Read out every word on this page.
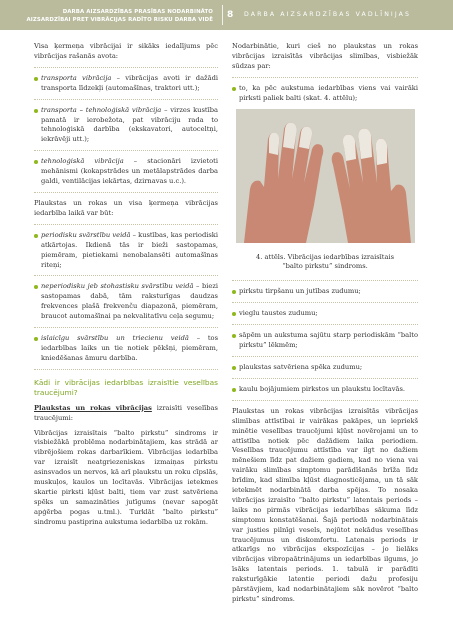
DARBA AIZSARDZĪBAS PRASĪBAS NODARBINĀTO
AIZSARDZĪBAI PRET VIBRĀCIJAS RADĪTO RISKU DARBA VIDĒ 8 DARBA AIZSARDZĪBAS VADLĪNIJAS

Visa ķermeņa vibrācijai ir sikāks iedalījums pēc vibrācijas rašanās avota:

transporta vibrācija – vibrācijas avoti ir dažādi transporta līdzekļi (automašīnas, traktori utt.);
transporta – tehnoloģiskā vibrācija – virzes kustība pamatā ir ierobežota, pat vibrāciju rada to tehnoloģiskā darbība (ekskavatori, autoceltņi, iekrāvēji utt.);
tehnoloģiskā vibrācija – stacionāri izvietoti mehānismi (kokapstrādes un metālapstrādes darba galdi, ventilācijas iekārtas, dzirnavas u.c.).

Plaukstas un rokas un visa ķermeņa vibrācijas iedarbība laikā var būt:

periodisku svārstību veidā – kustības, kas periodiski atkārtojas. Ikdienā tās ir bieži sastopamas, piemēram, pietiekami nenobalansēti automašīnas riteņi;
neperiodisku jeb stohastisku svārstību veidā – biezi sastopamas dabā, tām raksturīgas daudzas frekvences plašā frekvenču diapazonā, piemēram, braucot automašīnai pa nekvalitatīvu ceļa segumu;
islaicīgu svārstību un triecienu veidā – tos iedarbības laiks un tie notiek pēkšņi, piemēram, kniedēšanas āmuru darbība.
Kādi ir vibrācijas iedarbības izraisītie veselības traucējumi?

Plaukstas un rokas vibrācijas izraisīti veselības traucējumi:

Vibrācijas izraisītais “balto pirkstu” sindroms ir visbiežākā problēma nodarbinātajiem, kas strādā ar vibrējošiem rokas darbarīkiem. Vibrācijas iedarbība var izraisīt neatgriezeniskas izmaiņas pirkstu asinsvados un nervos, kā arī plaukstu un roku cīpslās, muskuļos, kaulos un locītavās. Vibrācijas ietekmes skartie pirksti kļūst balti, tiem var zust satvēriena spēks un samazināties jutīgums (nevar sapogāt apģērba pogas u.tml.). Turklāt “balto pirkstu” sindromu pastiprina aukstuma iedarbība uz rokām.

Nodarbinātie, kuri cieš no plaukstas un rokas vibrācijas izraisītās vibrācijas slimības, visbiežāk sūdzas par:

to, ka pēc aukstuma iedarbības viens vai vairāki pirksti paliek balti (skat. 4. attēlu);
4. attēls. Vibrācijas iedarbības izraisītais
“balto pirkstu” sindroms.
pirkstu tirpšanu un jutības zudumu;
vieglu taustes zudumu;
sāpēm un aukstuma sajūtu starp periodiskām “balto pirkstu” lēkmēm;
plaukstas satvēriena spēka zudumu;
kaulu bojājumiem pirkstos un plaukstu locītavās.

Plaukstas un rokas vibrācijas izraisītās vibrācijas slimības attīstībai ir vairākas pakāpes, un iepriekš minētie veselības traucējumi kļūst novērojami un to attīstība notiek pēc dažādiem laika periodiem. Veselības traucējumu attīstība var ilgt no dažiem mēnešiem līdz pat dažiem gadiem, kad no viena vai vairāku slimības simptomu parādīšanās brīža līdz brīdim, kad slimība kļūst diagnosticējama, un tā sāk ietekmēt nodarbinātā darba spējas. To nosaka vibrācijas izraisīto “balto pirkstu” latentais periods – laiks no pirmās vibrācijas iedarbības sākuma līdz simptomu konstatēšanai. Šajā periodā nodarbinātais var justies pilnīgi vesels, nejūtot nekādus veselības traucējumus un diskomfortu. Latenais periods ir atkarīgs no vibrācijas ekspozīcijas – jo lielāks vibrācijas vibropaātrinājums un iedarbības ilgums, jo īsāks latentais periods. 1. tabulā ir parādīti raksturīgākie latentie periodi dažu profesiju pārstāvjiem, kad nodarbinātajiem sāk novērot “balto pirkstu” sindroms.
